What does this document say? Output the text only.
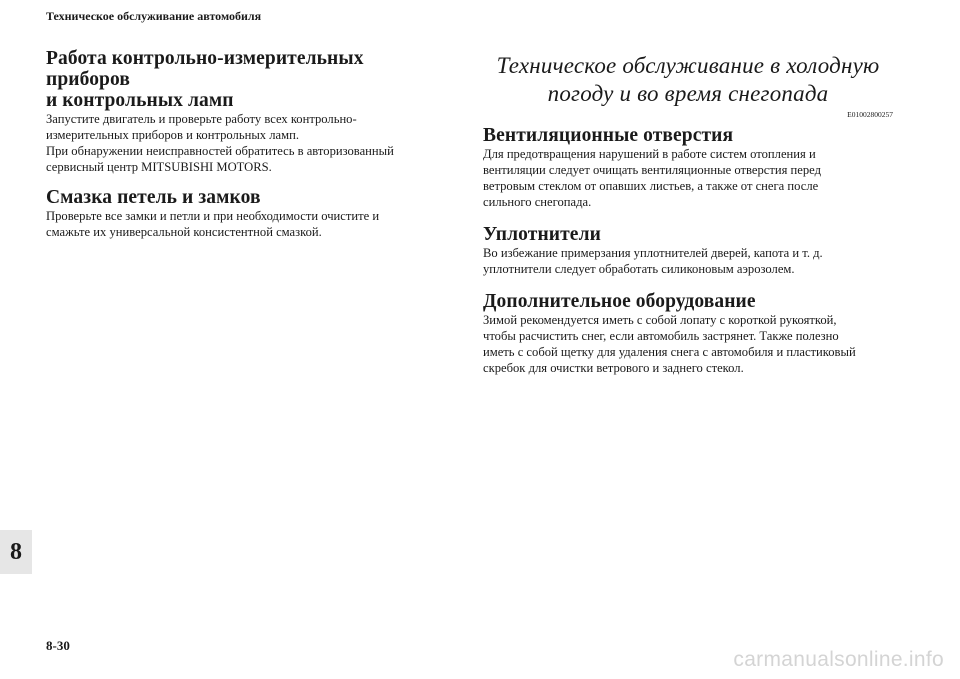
Техническое обслуживание автомобиля

Работа контрольно-измерительных приборов
и контрольных ламп

Запустите двигатель и проверьте работу всех контрольно-
измерительных приборов и контрольных ламп.
При обнаружении неисправностей обратитесь в авторизованный
сервисный центр MITSUBISHI MOTORS.

Смазка петель и замков

Проверьте все замки и петли и при необходимости очистите и
смажьте их универсальной консистентной смазкой.

Техническое обслуживание в холодную
погоду и во время снегопада
E01002800257
Вентиляционные отверстия

Для предотвращения нарушений в работе систем отопления и
вентиляции следует очищать вентиляционные отверстия перед
ветровым стеклом от опавших листьев, а также от снега после
сильного снегопада.

Уплотнители

Во избежание примерзания уплотнителей дверей, капота и т. д.
уплотнители следует обработать силиконовым аэрозолем.

Дополнительное оборудование

Зимой рекомендуется иметь с собой лопату с короткой рукояткой,
чтобы расчистить снег, если автомобиль застрянет. Также полезно
иметь с собой щетку для удаления снега с автомобиля и пластиковый
скребок для очистки ветрового и заднего стекол.

8
8-30
carmanualsonline.info
